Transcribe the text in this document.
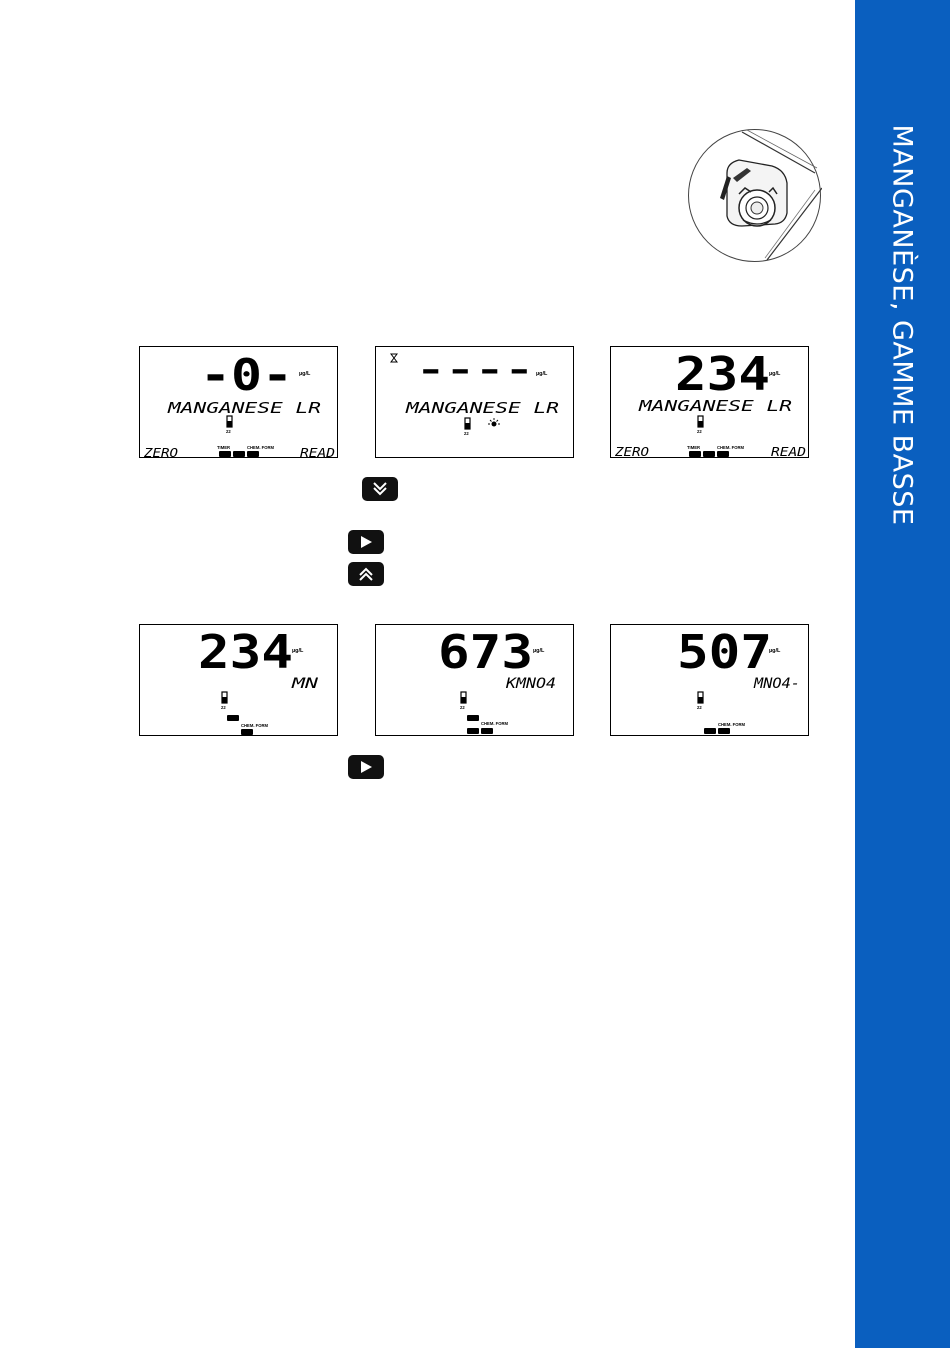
MANGANÈSE, GAMME BASSE
-0- µg/L
MANGANESE LR
22
TIMER	CHEM. FORM
ZERO	READ
---- µg/L
MANGANESE LR
22
234 µg/L
MANGANESE LR
22
TIMER	CHEM. FORM
ZERO	READ
234 µg/L
MN
22
CHEM. FORM
673 µg/L
KMNO4
22
CHEM. FORM
507
µg/L
MNO4-
22
CHEM. FORM
